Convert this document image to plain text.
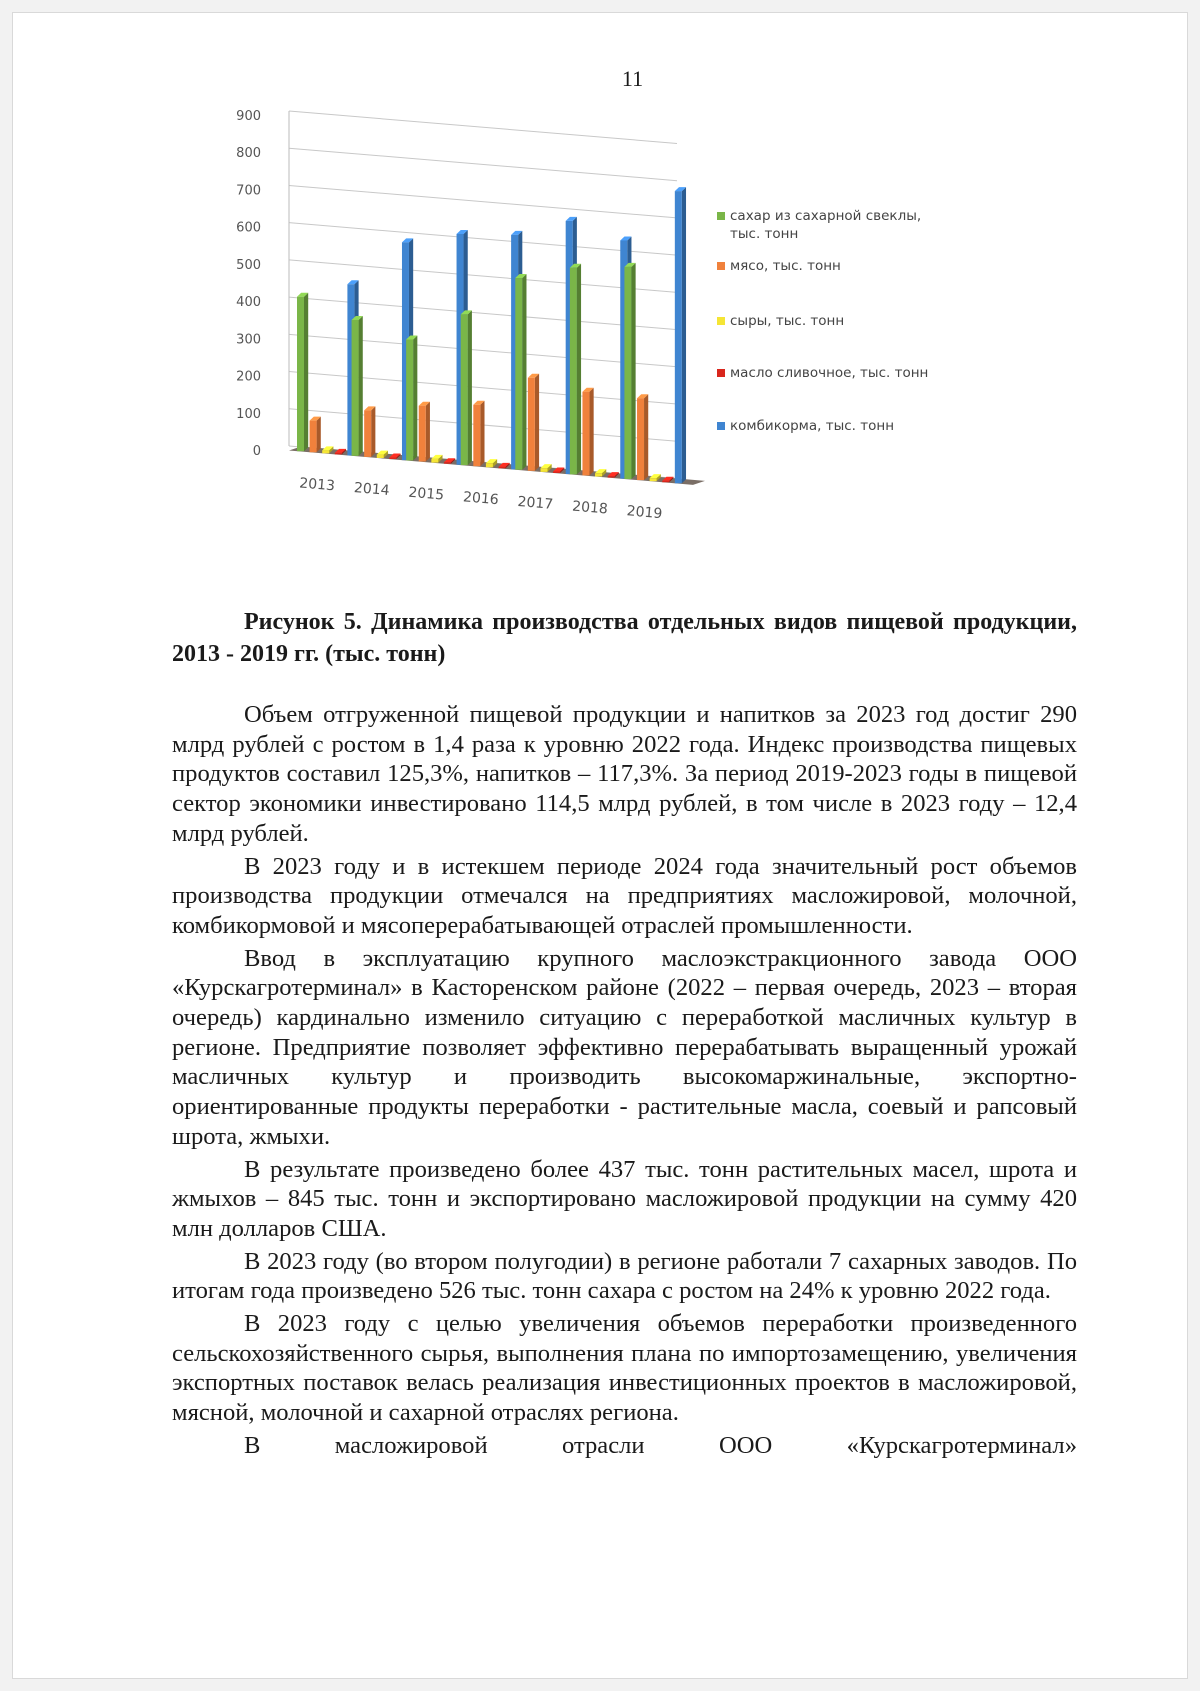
11
0
100
200
300
400
500
600
700
800
900
2013 2014 2015 2016 2017 2018 2019
сахар из сахарной свеклы,
тыс. тонн
мясо, тыс. тонн
сыры, тыс. тонн
масло сливочное, тыс. тонн
комбикорма, тыс. тонн
Рисунок 5. Динамика производства отдельных видов пищевой продукции, 2013 - 2019 гг. (тыс. тонн)

Объем отгруженной пищевой продукции и напитков за 2023 год достиг 290 млрд рублей с ростом в 1,4 раза к уровню 2022 года. Индекс производства пищевых продуктов составил 125,3%, напитков – 117,3%. За период 2019-2023 годы в пищевой сектор экономики инвестировано 114,5 млрд рублей, в том числе в 2023 году – 12,4 млрд рублей.

В 2023 году и в истекшем периоде 2024 года значительный рост объемов производства продукции отмечался на предприятиях масложировой, молочной, комбикормовой и мясоперерабатывающей отраслей промышленности.

Ввод в эксплуатацию крупного маслоэкстракционного завода ООО «Курскагротерминал» в Касторенском районе (2022 – первая очередь, 2023 – вторая очередь) кардинально изменило ситуацию с переработкой масличных культур в регионе. Предприятие позволяет эффективно перерабатывать выращенный урожай масличных культур и производить высокомаржинальные, экспортно-ориентированные продукты переработки - растительные масла, соевый и рапсовый шрота, жмыхи.

В результате произведено более 437 тыс. тонн растительных масел, шрота и жмыхов – 845 тыс. тонн и экспортировано масложировой продукции на сумму 420 млн долларов США.

В 2023 году (во втором полугодии) в регионе работали 7 сахарных заводов. По итогам года произведено 526 тыс. тонн сахара с ростом на 24% к уровню 2022 года.

В 2023 году с целью увеличения объемов переработки произведенного сельскохозяйственного сырья, выполнения плана по импортозамещению, увеличения экспортных поставок велась реализация инвестиционных проектов в масложировой, мясной, молочной и сахарной отраслях региона.

В масложировой отрасли ООО «Курскагротерминал»
